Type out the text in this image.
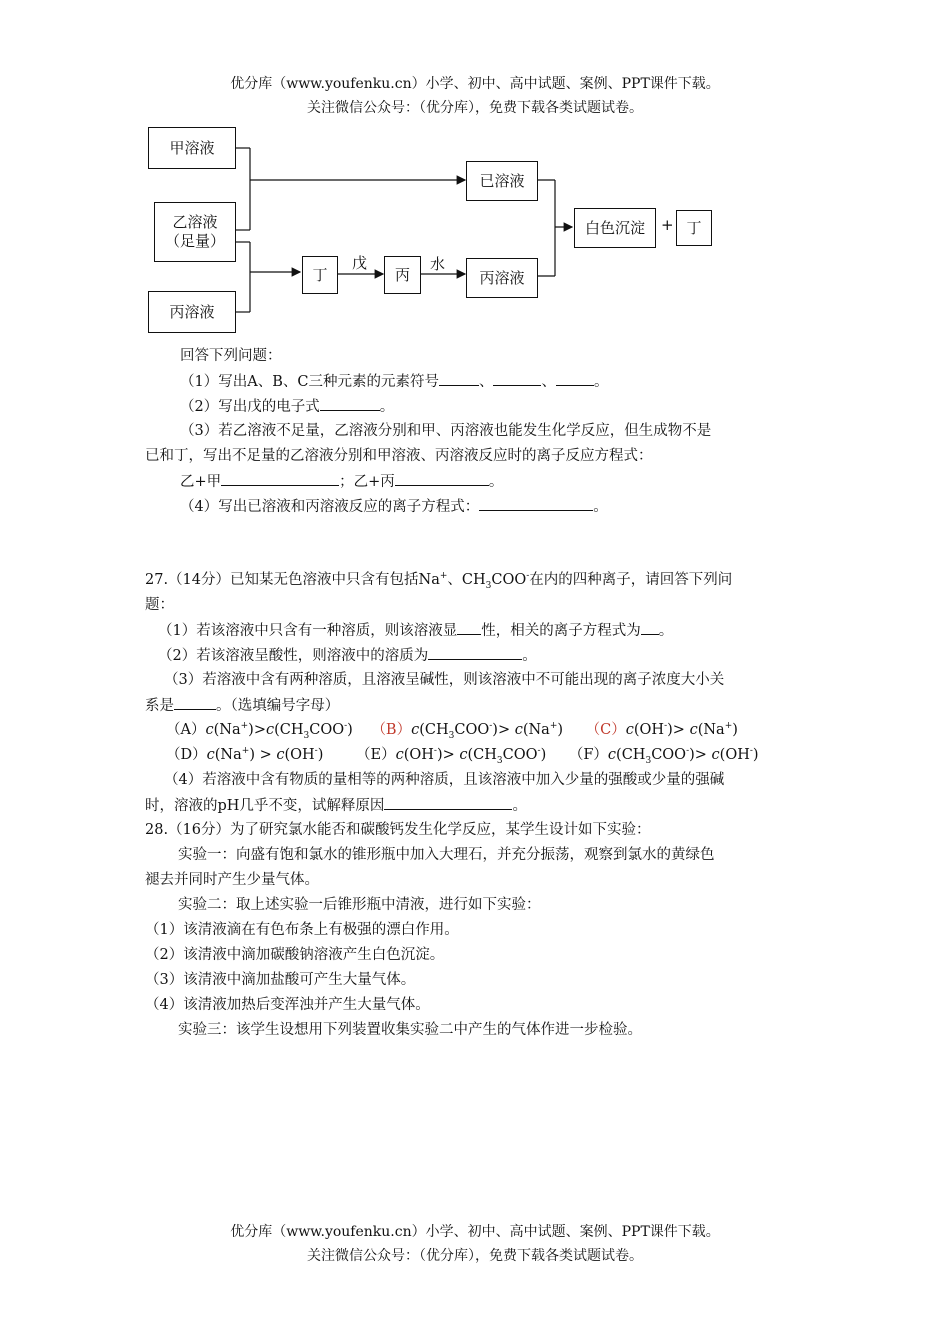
优分库（www.youfenku.cn）小学、初中、高中试题、案例、PPT课件下载。
关注微信公众号：（优分库），免费下载各类试题试卷。
甲溶液
乙溶液
（足量）
丙溶液
已溶液
丁	丙	丙溶液
白色沉淀	+ 丁
戊	水
回答下列问题：
（1）写出A、B、C三种元素的元素符号	、	、	。
（2）写出戊的电子式	。
（3）若乙溶液不足量，乙溶液分别和甲、丙溶液也能发生化学反应，但生成物不是
已和丁，写出不足量的乙溶液分别和甲溶液、丙溶液反应时的离子反应方程式：
乙+甲	；乙+丙	。
（4）写出已溶液和丙溶液反应的离子方程式：	。
27.（14分）已知某无色溶液中只含有包括Na+、$CH_3COO^-$在内的四种离子，请回答下列问
题：
（1）若该溶液中只含有一种溶质，则该溶液显 性，相关的离子方程式为 。
（2）若该溶液呈酸性，则溶液中的溶质为	。
（3）若溶液中含有两种溶质，且溶液呈碱性，则该溶液中不可能出现的离子浓度大小关
系是	。（选填编号字母）
$(A)c(Na^+)>c(CH_3COO^-)$ $(B)c(CH_3COO^-)> c(Na^+)$ （C）c(OH-)> c(Na+)
（D）c(Na+) > c(OH-) $(E)c(OH^-)> c(CH_3COO^-)$ $(F)c(CH_3COO^-)> c(OH^-)$
（4）若溶液中含有物质的量相等的两种溶质，且该溶液中加入少量的强酸或少量的强碱
时，溶液的pH几乎不变，试解释原因	。
28.（16分）为了研究氯水能否和碳酸钙发生化学反应，某学生设计如下实验：
实验一：向盛有饱和氯水的锥形瓶中加入大理石，并充分振荡，观察到氯水的黄绿色
褪去并同时产生少量气体。
实验二：取上述实验一后锥形瓶中清液，进行如下实验：
（1）该清液滴在有色布条上有极强的漂白作用。
（2）该清液中滴加碳酸钠溶液产生白色沉淀。
（3）该清液中滴加盐酸可产生大量气体。
（4）该清液加热后变浑浊并产生大量气体。
实验三：该学生设想用下列装置收集实验二中产生的气体作进一步检验。
优分库（www.youfenku.cn）小学、初中、高中试题、案例、PPT课件下载。
关注微信公众号：（优分库），免费下载各类试题试卷。
